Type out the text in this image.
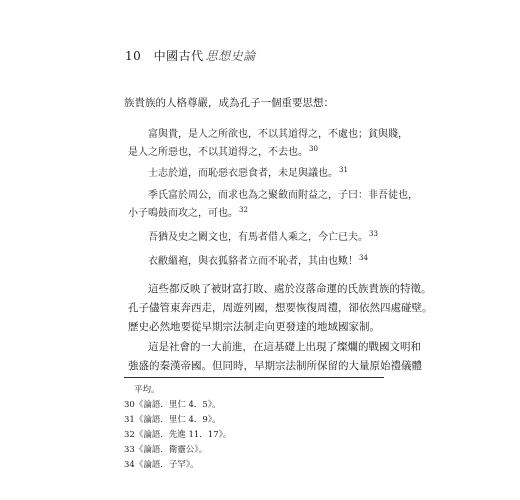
10 中國古代 思想史論
族貴族的人格尊嚴，成為孔子一個重要思想：
富與貴，是人之所欲也，不以其道得之，不處也；貧與賤，
是人之所惡也，不以其道得之，不去也。$^{30}$
士志於道，而恥惡衣惡食者，未足與議也。$^{31}$
季氏富於周公，而求也為之聚斂而附益之，子曰：非吾徒也，
小子鳴鼓而攻之，可也。$^{32}$
吾猶及史之闕文也，有馬者借人乘之，今亡已夫。$^{33}$
衣敝縕袍，與衣狐貉者立而不恥者，其由也歟！$^{34}$
這些都反映了被財富打敗、處於沒落命運的氏族貴族的特徵。
孔子儘管東奔西走，周遊列國，想要恢復周禮，卻依然四處碰壁。
歷史必然地要從早期宗法制走向更發達的地域國家制。
這是社會的一大前進，在這基礎上出現了燦爛的戰國文明和
強盛的秦漢帝國。但同時，早期宗法制所保留的大量原始禮儀體
平均。
30《論語．里仁 4．5》。
31《論語．里仁 4．9》。
32《論語．先進 11．17》。
33《論語．衛靈公》。
34《論語．子罕》。
